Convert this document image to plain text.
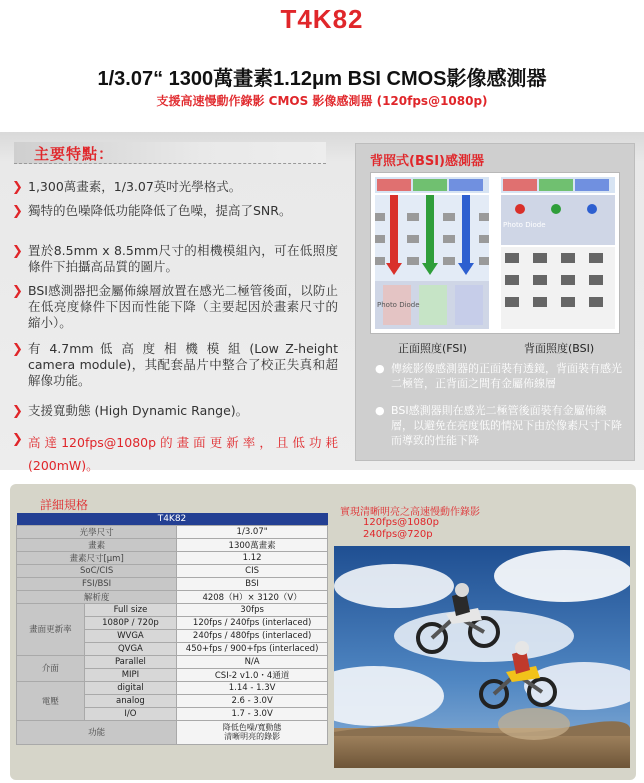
T4K82
1/3.07“ 1300萬畫素1.12μm BSI CMOS影像感測器
支援高速慢動作錄影 CMOS 影像感測器 (120fps@1080p)
主要特點：
❯ 1,300萬畫素，1/3.07英吋光學格式。
❯ 獨特的色噪降低功能降低了色噪，提高了SNR。
❯ 置於8.5mm x 8.5mm尺寸的相機模組內，可在低照度條件下拍攝高品質的圖片。
❯ BSI感測器把金屬佈線層放置在感光二極管後面，以防止在低亮度條件下因而性能下降（主要起因於畫素尺寸的縮小）。
❯ 有 4.7mm 低 高 度 相 機 模 組 (Low Z-height camera module)，其配套晶片中整合了校正失真和超解像功能。
❯ 支援寬動態 (High Dynamic Range)。
❯ 高達120fps@1080p的畫面更新率，且低功耗 (200mW)。
背照式(BSI)感測器
Photo Diode
Photo Diode
正面照度(FSI)	背面照度(BSI)
● 傳統影像感測器的正面裝有透鏡，背面裝有感光二極管，正背面之間有金屬佈線層
● BSI感測器則在感光二極管後面裝有金屬佈線層，以避免在亮度低的情況下由於像素尺寸下降而導致的性能下降
詳細規格
T4K82		
光學尺寸		1/3.07"
畫素		1300萬畫素
畫素尺寸[μm]		1.12
SoC/CIS		CIS
FSI/BSI		BSI
解析度		4208（H）× 3120（V）
畫面更新率	Full size	30fps
	1080P / 720p	120fps / 240fps (interlaced)
	WVGA	240fps / 480fps (interlaced)
	QVGA	450+fps / 900+fps (interlaced)
介面	Parallel	N/A
	MIPI	CSI-2 v1.0・4通道
電壓	digital	1.14 - 1.3V
	analog	2.6 - 3.0V
	I/O	1.7 - 3.0V
功能		降低色噪/寬動態
清晰明亮的錄影
實現清晰明亮之高速慢動作錄影
120fps@1080p
240fps@720p
